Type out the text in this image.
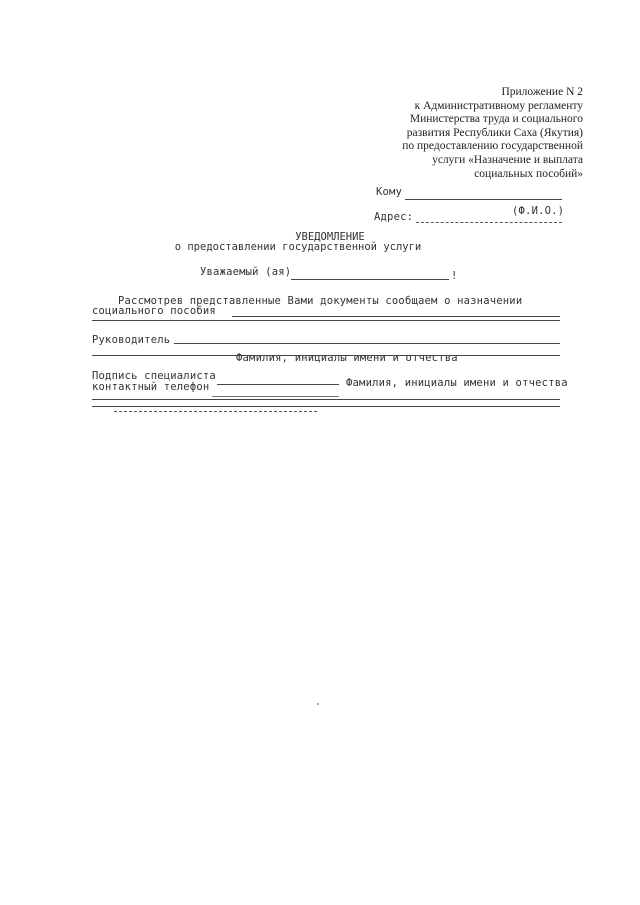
Приложение N 2
к Административному регламенту
Министерства труда и социального
развития Республики Саха (Якутия)
по предоставлению государственной
услуги «Назначение и выплата
социальных пособий»
Кому
(Ф.И.О.)
Адрес:
УВЕДОМЛЕНИЕ
о предоставлении государственной услуги
Уважаемый (ая)	!
Рассмотрев представленные Вами документы сообщаем о назначении
социального пособия
Руководитель
Фамилия, инициалы имени и отчества
Подпись специалиста
контактный телефон	Фамилия, инициалы имени и отчества
